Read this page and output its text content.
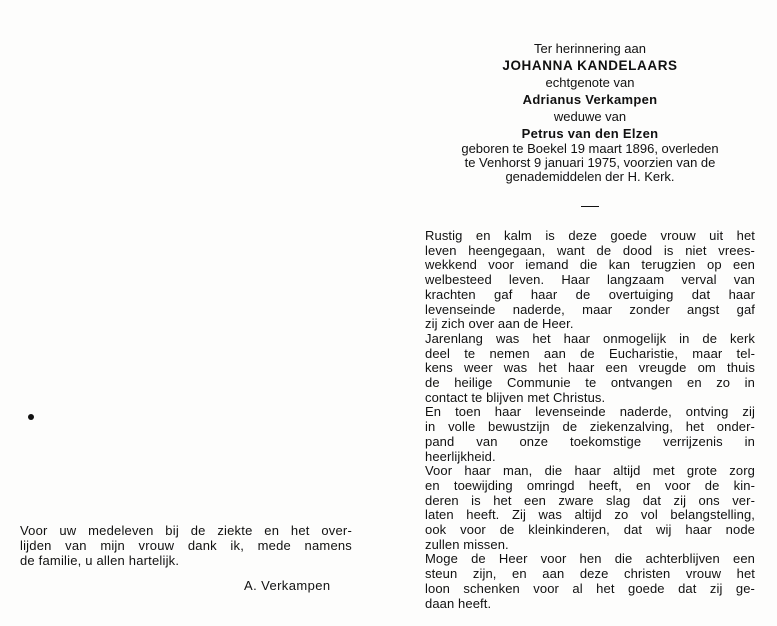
Voor uw medeleven bij de ziekte en het over-
lijden van mijn vrouw dank ik, mede namens
de familie, u allen hartelijk.
A. Verkampen
Ter herinnering aan
JOHANNA KANDELAARS
echtgenote van
Adrianus Verkampen
weduwe van
Petrus van den Elzen
geboren te Boekel 19 maart 1896, overleden
te Venhorst 9 januari 1975, voorzien van de
genademiddelen der H. Kerk.
Rustig en kalm is deze goede vrouw uit het
leven heengegaan, want de dood is niet vrees-
wekkend voor iemand die kan terugzien op een
welbesteed leven. Haar langzaam verval van
krachten gaf haar de overtuiging dat haar
levenseinde naderde, maar zonder angst gaf
zij zich over aan de Heer.
Jarenlang was het haar onmogelijk in de kerk
deel te nemen aan de Eucharistie, maar tel-
kens weer was het haar een vreugde om thuis
de heilige Communie te ontvangen en zo in
contact te blijven met Christus.
En toen haar levenseinde naderde, ontving zij
in volle bewustzijn de ziekenzalving, het onder-
pand van onze toekomstige verrijzenis in
heerlijkheid.
Voor haar man, die haar altijd met grote zorg
en toewijding omringd heeft, en voor de kin-
deren is het een zware slag dat zij ons ver-
laten heeft. Zij was altijd zo vol belangstelling,
ook voor de kleinkinderen, dat wij haar node
zullen missen.
Moge de Heer voor hen die achterblijven een
steun zijn, en aan deze christen vrouw het
loon schenken voor al het goede dat zij ge-
daan heeft.
